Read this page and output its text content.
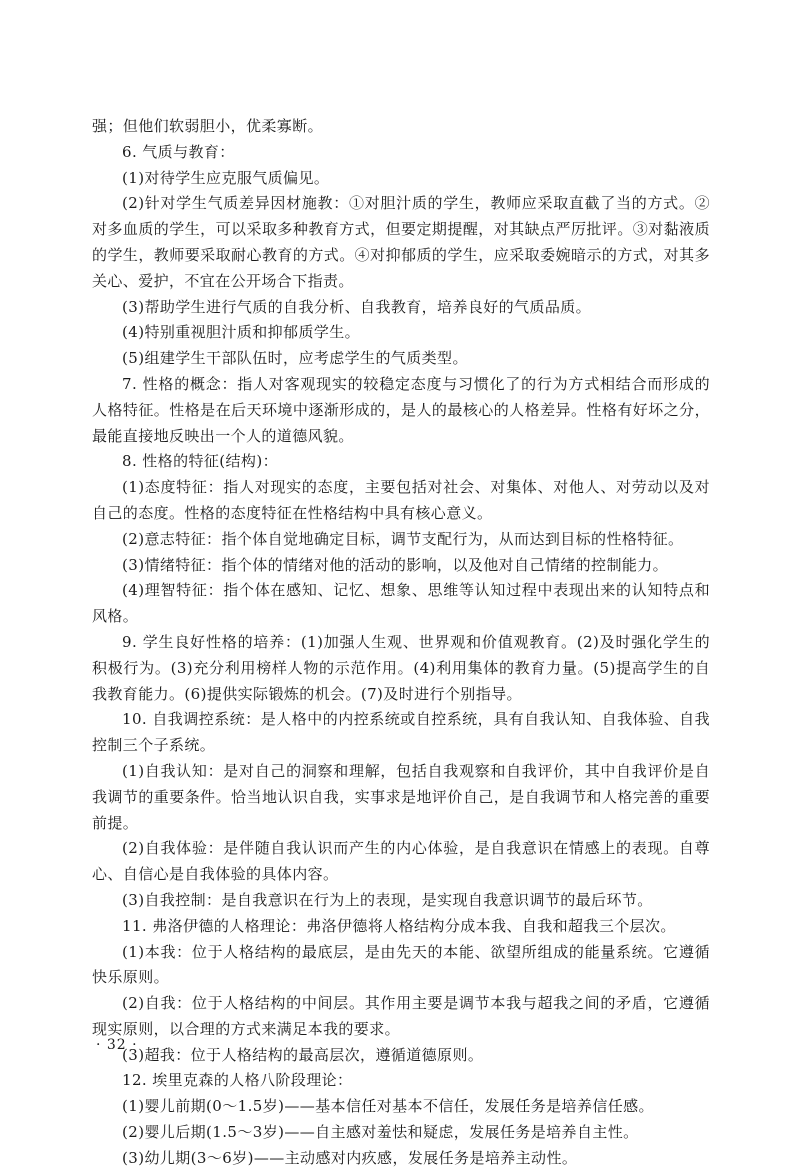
强；但他们软弱胆小，优柔寡断。

6. 气质与教育：

(1)对待学生应克服气质偏见。

(2)针对学生气质差异因材施教：①对胆汁质的学生，教师应采取直截了当的方式。②对多血质的学生，可以采取多种教育方式，但要定期提醒，对其缺点严厉批评。③对黏液质的学生，教师要采取耐心教育的方式。④对抑郁质的学生，应采取委婉暗示的方式，对其多关心、爱护，不宜在公开场合下指责。

(3)帮助学生进行气质的自我分析、自我教育，培养良好的气质品质。

(4)特别重视胆汁质和抑郁质学生。

(5)组建学生干部队伍时，应考虑学生的气质类型。

7. 性格的概念：指人对客观现实的较稳定态度与习惯化了的行为方式相结合而形成的人格特征。性格是在后天环境中逐渐形成的，是人的最核心的人格差异。性格有好坏之分，最能直接地反映出一个人的道德风貌。

8. 性格的特征(结构)：

(1)态度特征：指人对现实的态度，主要包括对社会、对集体、对他人、对劳动以及对自己的态度。性格的态度特征在性格结构中具有核心意义。

(2)意志特征：指个体自觉地确定目标，调节支配行为，从而达到目标的性格特征。

(3)情绪特征：指个体的情绪对他的活动的影响，以及他对自己情绪的控制能力。

(4)理智特征：指个体在感知、记忆、想象、思维等认知过程中表现出来的认知特点和风格。

9. 学生良好性格的培养：(1)加强人生观、世界观和价值观教育。(2)及时强化学生的积极行为。(3)充分利用榜样人物的示范作用。(4)利用集体的教育力量。(5)提高学生的自我教育能力。(6)提供实际锻炼的机会。(7)及时进行个别指导。

10. 自我调控系统：是人格中的内控系统或自控系统，具有自我认知、自我体验、自我控制三个子系统。

(1)自我认知：是对自己的洞察和理解，包括自我观察和自我评价，其中自我评价是自我调节的重要条件。恰当地认识自我，实事求是地评价自己，是自我调节和人格完善的重要前提。

(2)自我体验：是伴随自我认识而产生的内心体验，是自我意识在情感上的表现。自尊心、自信心是自我体验的具体内容。

(3)自我控制：是自我意识在行为上的表现，是实现自我意识调节的最后环节。

11. 弗洛伊德的人格理论：弗洛伊德将人格结构分成本我、自我和超我三个层次。

(1)本我：位于人格结构的最底层，是由先天的本能、欲望所组成的能量系统。它遵循快乐原则。

(2)自我：位于人格结构的中间层。其作用主要是调节本我与超我之间的矛盾，它遵循现实原则，以合理的方式来满足本我的要求。

(3)超我：位于人格结构的最高层次，遵循道德原则。

12. 埃里克森的人格八阶段理论：

(1)婴儿前期(0～1.5岁)——基本信任对基本不信任，发展任务是培养信任感。

(2)婴儿后期(1.5～3岁)——自主感对羞怯和疑虑，发展任务是培养自主性。

(3)幼儿期(3～6岁)——主动感对内疚感，发展任务是培养主动性。

· 32 ·
